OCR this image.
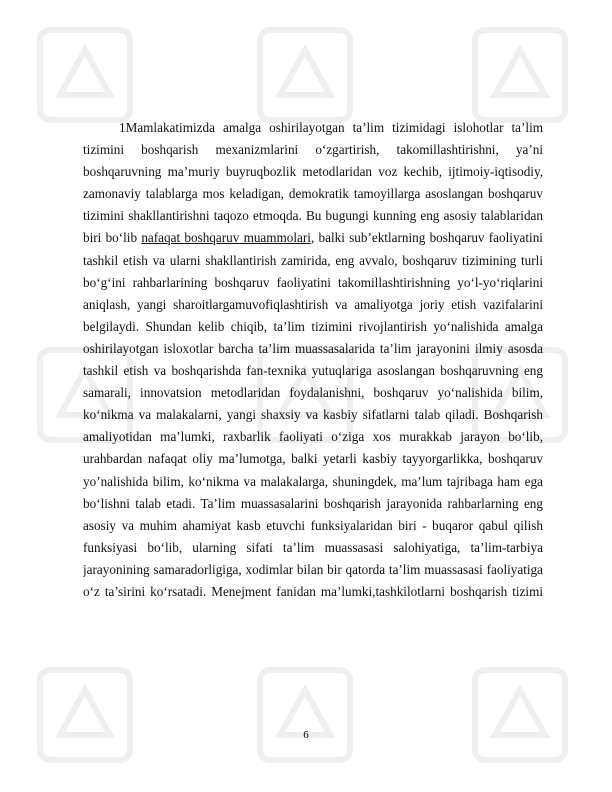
1Mamlakatimizda amalga oshirilayotgan ta’lim tizimidagi islohotlar ta’lim
tizimini boshqarish mexanizmlarini o‘zgartirish, takomillashtirishni, ya’ni
boshqaruvning ma’muriy buyruqbozlik metodlaridan voz kechib, ijtimoiy-iqtisodiy,
zamonaviy talablarga mos keladigan, demokratik tamoyillarga asoslangan boshqaruv
tizimini shakllantirishni taqozo etmoqda. Bu bugungi kunning eng asosiy talablaridan
biri bo‘lib nafaqat boshqaruv muammolari, balki sub’ektlarning boshqaruv faoliyatini
tashkil etish va ularni shakllantirish zamirida, eng avvalo, boshqaruv tizimining turli
bo‘g‘ini rahbarlarining boshqaruv faoliyatini takomillashtirishning yo‘l-yo‘riqlarini
aniqlash, yangi sharoitlargamuvofiqlashtirish va amaliyotga joriy etish vazifalarini
belgilaydi. Shundan kelib chiqib, ta’lim tizimini rivojlantirish yo‘nalishida amalga
oshirilayotgan isloxotlar barcha ta’lim muassasalarida ta’lim jarayonini ilmiy asosda
tashkil etish va boshqarishda fan-texnika yutuqlariga asoslangan boshqaruvning eng
samarali, innovatsion metodlaridan foydalanishni, boshqaruv yo‘nalishida bilim,
ko‘nikma va malakalarni, yangi shaxsiy va kasbiy sifatlarni talab qiladi. Boshqarish
amaliyotidan ma’lumki, raxbarlik faoliyati o‘ziga xos murakkab jarayon bo‘lib,
urahbardan nafaqat oliy ma’lumotga, balki yetarli kasbiy tayyorgarlikka, boshqaruv
yo’nalishida bilim, ko‘nikma va malakalarga, shuningdek, ma’lum tajribaga ham ega
bo‘lishni talab etadi. Ta’lim muassasalarini boshqarish jarayonida rahbarlarning eng
asosiy va muhim ahamiyat kasb etuvchi funksiyalaridan biri - buqaror qabul qilish
funksiyasi bo‘lib, ularning sifati ta’lim muassasasi salohiyatiga, ta’lim-tarbiya
jarayonining samaradorligiga, xodimlar bilan bir qatorda ta’lim muassasasi faoliyatiga
o‘z ta’sirini ko‘rsatadi. Menejment fanidan ma’lumki,tashkilotlarni boshqarish tizimi
6
